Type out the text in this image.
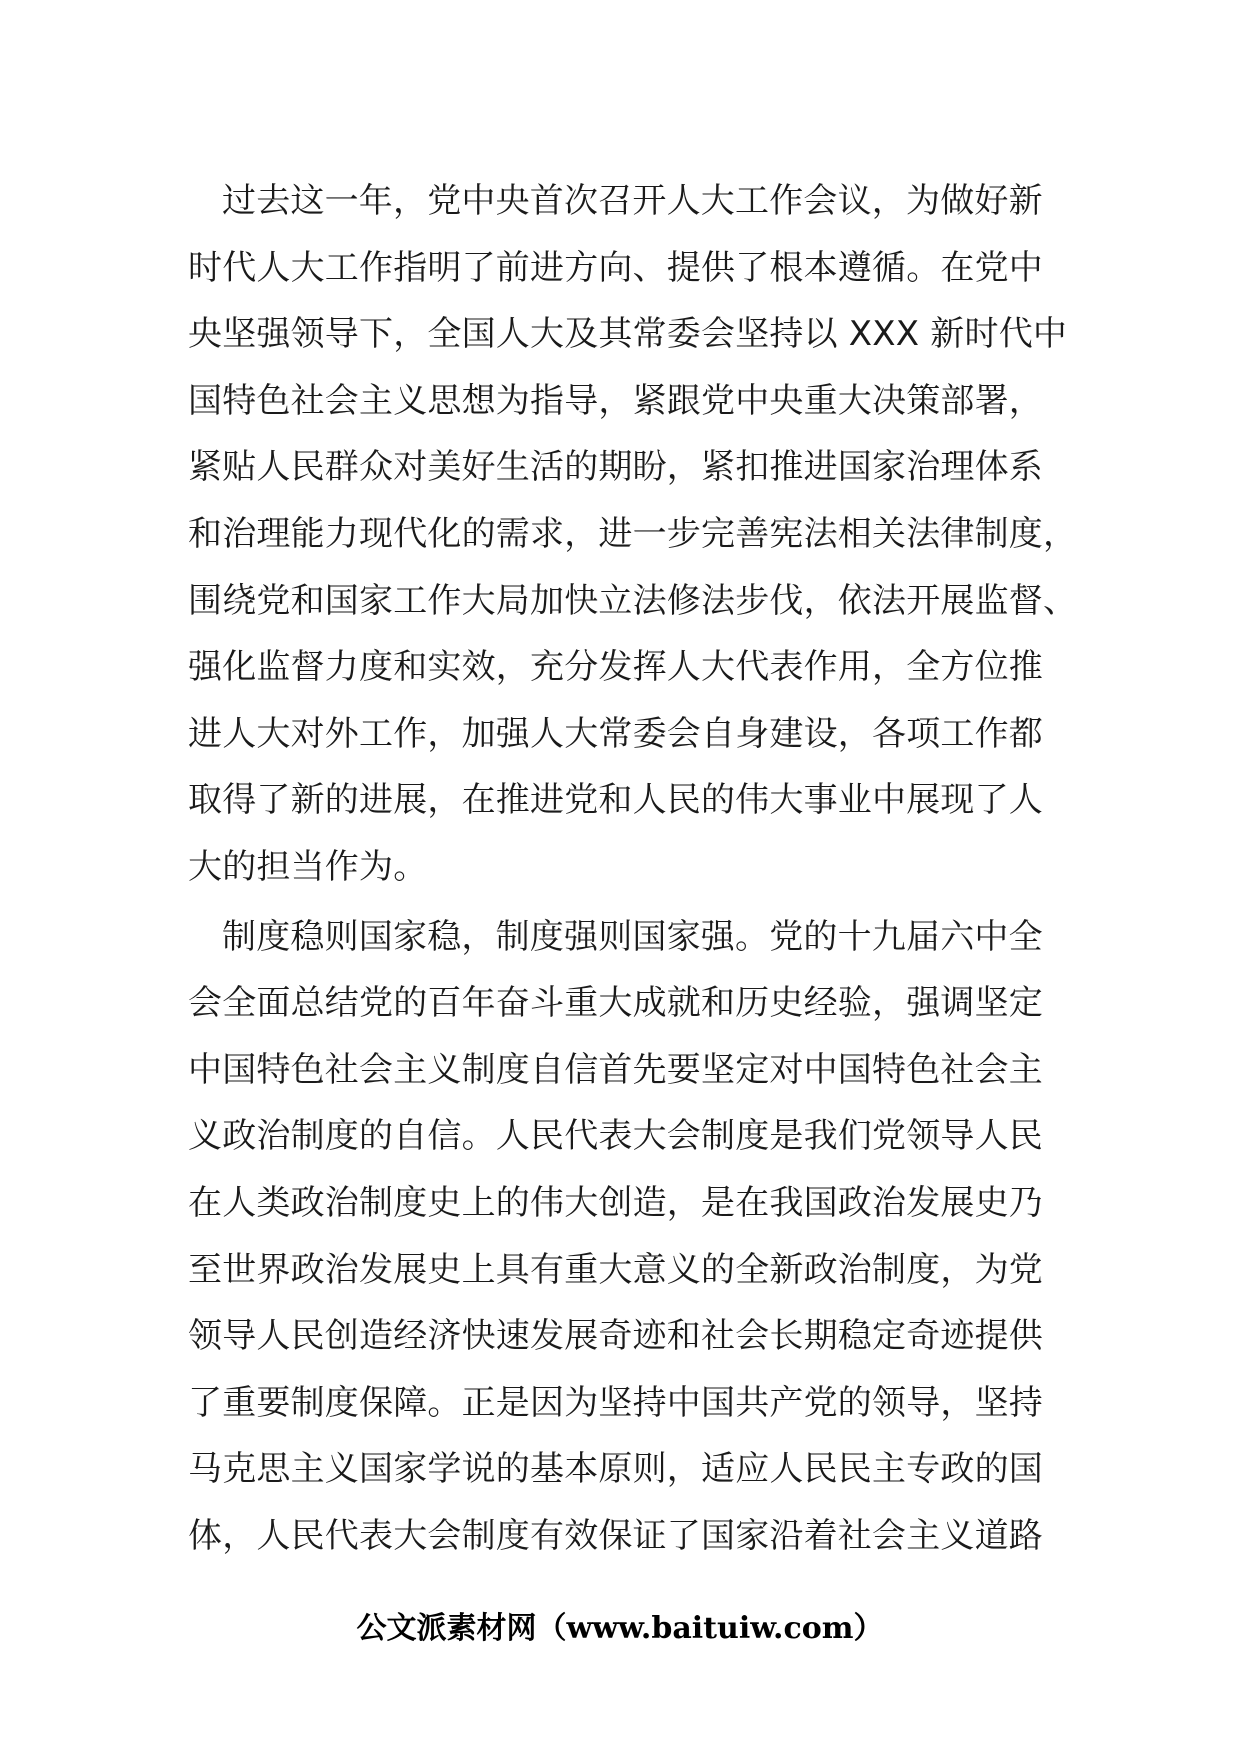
过去这一年，党中央首次召开人大工作会议，为做好新
时代人大工作指明了前进方向、提供了根本遵循。在党中
央坚强领导下，全国人大及其常委会坚持以 XXX 新时代中
国特色社会主义思想为指导，紧跟党中央重大决策部署，
紧贴人民群众对美好生活的期盼，紧扣推进国家治理体系
和治理能力现代化的需求，进一步完善宪法相关法律制度，
围绕党和国家工作大局加快立法修法步伐，依法开展监督、
强化监督力度和实效，充分发挥人大代表作用，全方位推
进人大对外工作，加强人大常委会自身建设，各项工作都
取得了新的进展，在推进党和人民的伟大事业中展现了人
大的担当作为。
制度稳则国家稳，制度强则国家强。党的十九届六中全
会全面总结党的百年奋斗重大成就和历史经验，强调坚定
中国特色社会主义制度自信首先要坚定对中国特色社会主
义政治制度的自信。人民代表大会制度是我们党领导人民
在人类政治制度史上的伟大创造，是在我国政治发展史乃
至世界政治发展史上具有重大意义的全新政治制度，为党
领导人民创造经济快速发展奇迹和社会长期稳定奇迹提供
了重要制度保障。正是因为坚持中国共产党的领导，坚持
马克思主义国家学说的基本原则，适应人民民主专政的国
体，人民代表大会制度有效保证了国家沿着社会主义道路
公文派素材网（www.baituiw.com）
